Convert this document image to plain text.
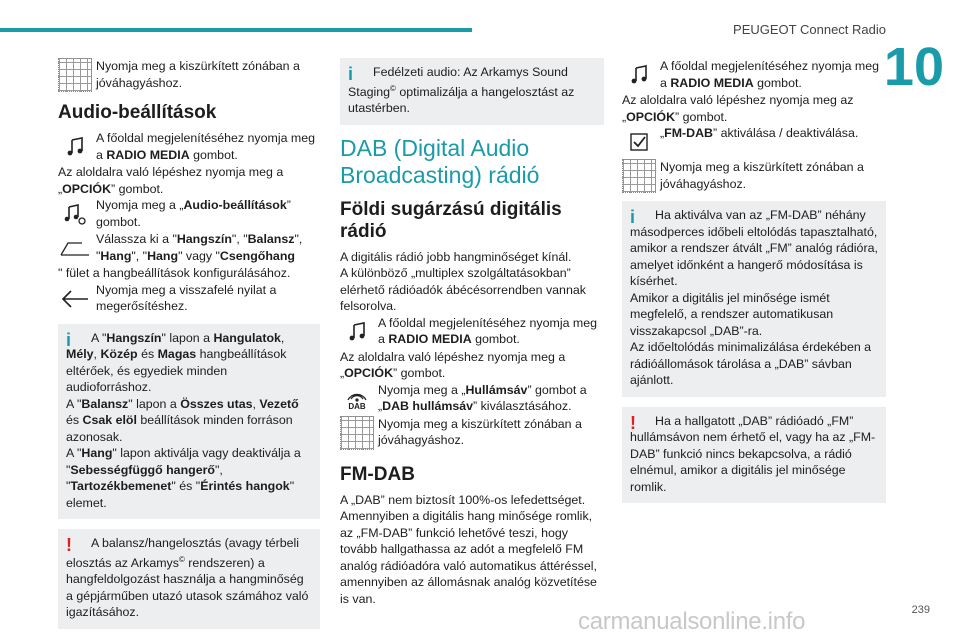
PEUGEOT Connect Radio
10
Nyomja meg a kiszürkített zónában a jóváhagyáshoz.
Audio-beállítások
A főoldal megjelenítéséhez nyomja meg a RADIO MEDIA gombot.

Az aloldalra való lépéshez nyomja meg a „OPCIÓK” gombot.

Nyomja meg a „Audio-beállítások” gombot.
Válassza ki a "Hangszín", "Balansz", "Hang", "Hang" vagy "Csengőhang

" fület a hangbeállítások konfigurálásához.

Nyomja meg a visszafelé nyilat a megerősítéshez.
i	A "Hangszín" lapon a Hangulatok, Mély, Közép és Magas hangbeállítások eltérőek, és egyediek minden audioforráshoz.

A "Balansz" lapon a Összes utas, Vezető és Csak elöl beállítások minden forráson azonosak.

A "Hang" lapon aktiválja vagy deaktiválja a "Sebességfüggő hangerő", "Tartozékbemenet" és "Érintés hangok" elemet.

!	A balansz/hangelosztás (avagy térbeli elosztás az Arkamys© rendszeren) a hangfeldolgozást használja a hangminőség a gépjárműben utazó utasok számához való igazításához.

i	Fedélzeti audio: Az Arkamys Sound Staging© optimalizálja a hangelosztást az utastérben.

DAB (Digital Audio Broadcasting) rádió
Földi sugárzású digitális rádió

A digitális rádió jobb hangminőséget kínál.
A különböző „multiplex szolgáltatásokban” elérhető rádióadók ábécésorrendben vannak felsorolva.

A főoldal megjelenítéséhez nyomja meg a RADIO MEDIA gombot.

Az aloldalra való lépéshez nyomja meg a „OPCIÓK” gombot.

DAB
Nyomja meg a „Hullámsáv” gombot a „DAB hullámsáv” kiválasztásához.
Nyomja meg a kiszürkített zónában a jóváhagyáshoz.
FM-DAB

A „DAB” nem biztosít 100%-os lefedettséget.
Amennyiben a digitális hang minősége romlik, az „FM-DAB” funkció lehetővé teszi, hogy tovább hallgathassa az adót a megfelelő FM analóg rádióadóra való automatikus áttéréssel, amennyiben az állomásnak analóg közvetítése is van.

A főoldal megjelenítéséhez nyomja meg a RADIO MEDIA gombot.

Az aloldalra való lépéshez nyomja meg az „OPCIÓK” gombot.

„FM-DAB” aktiválása / deaktiválása.
Nyomja meg a kiszürkített zónában a jóváhagyáshoz.
i	Ha aktiválva van az „FM-DAB” néhány másodperces időbeli eltolódás tapasztalható, amikor a rendszer átvált „FM” analóg rádióra, amelyet időnként a hangerő módosítása is kísérhet.
Amikor a digitális jel minősége ismét megfelelő, a rendszer automatikusan visszakapcsol „DAB”-ra.
Az időeltolódás minimalizálása érdekében a rádióállomások tárolása a „DAB” sávban ajánlott.

!	Ha a hallgatott „DAB” rádióadó „FM” hullámsávon nem érhető el, vagy ha az „FM-DAB” funkció nincs bekapcsolva, a rádió elnémul, amikor a digitális jel minősége romlik.

carmanualsonline.info	239
